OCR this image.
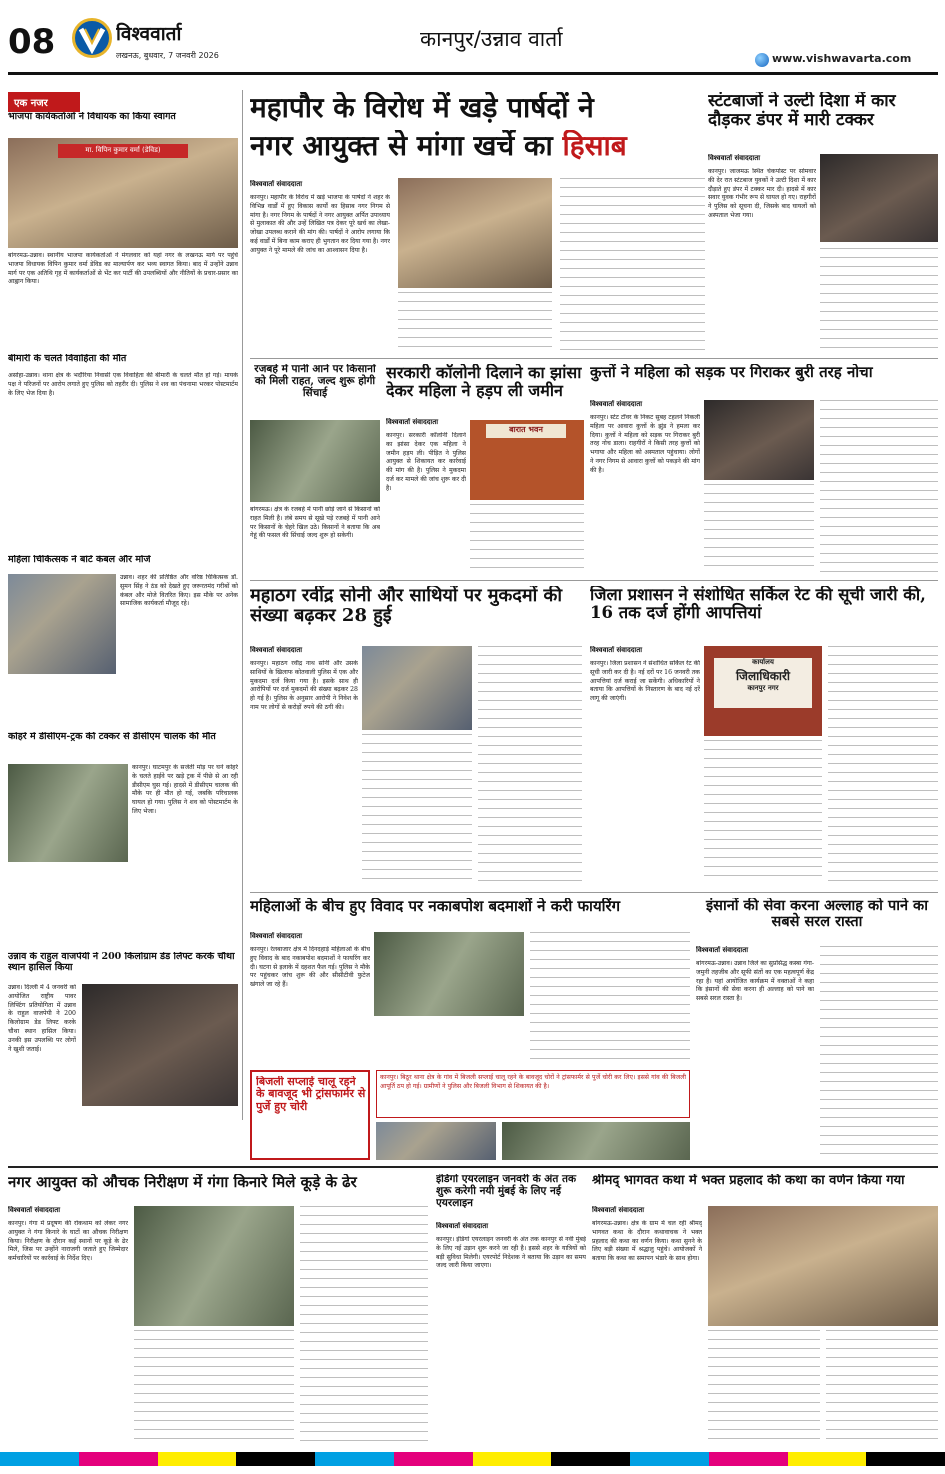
08	विश्ववार्ता
लखनऊ, बुधवार, 7 जनवरी 2026
कानपुर/उन्नाव वार्ता
www.vishwavarta.com
एक नजर
भाजपा कार्यकर्ताओं ने विधायक का किया स्वागत
मा. विपिन कुमार वर्मा (डेविड)
बांगरमऊ-उन्नाव। स्थानीय भाजपा कार्यकर्ताओं ने मंगलवार को यहां नगर के लखनऊ मार्ग पर पहुंचे भाजपा विधायक विपिन कुमार वर्मा डेविड का माल्यार्पण कर भव्य स्वागत किया। बाद में उन्होंने उन्नाव मार्ग पर एक अतिथि गृह में कार्यकर्ताओं से भेंट कर पार्टी की उपलब्धियों और नीतियों के प्रचार-प्रसार का आह्वान किया।
बीमारी के चलते विवाहिता की मौत
असोहा-उन्नाव। थाना क्षेत्र के भदौरिया निवासी एक विवाहिता की बीमारी के चलते मौत हो गई। मायके पक्ष ने परिजनों पर आरोप लगाते हुए पुलिस को तहरीर दी। पुलिस ने शव का पंचनामा भरकर पोस्टमार्टम के लिए भेज दिया है।
महिला चिकित्सक ने बांटे कंबल और मोजे
उन्नाव। शहर की प्रतिष्ठित और वरिष्ठ चिकित्सक डॉ. सुमन सिंह ने ठंड को देखते हुए जरूरतमंद गरीबों को कंबल और मोजे वितरित किए। इस मौके पर अनेक सामाजिक कार्यकर्ता मौजूद रहे।
कोहरे में डीसीएम-ट्रक की टक्कर से डीसीएम चालक की मौत
कानपुर। घाटमपुर के सजेती मोड़ पर घने कोहरे के चलते हाईवे पर खड़े ट्रक में पीछे से आ रही डीसीएम घुस गई। हादसे में डीसीएम चालक की मौके पर ही मौत हो गई, जबकि परिचालक घायल हो गया। पुलिस ने शव को पोस्टमार्टम के लिए भेजा।
उन्नाव के राहुल वाजपेयी ने 200 किलोग्राम डेड लिफ्ट करके चौथा स्थान हासिल किया
उन्नाव। दिल्ली में 4 जनवरी को आयोजित राष्ट्रीय पावर लिफ्टिंग प्रतियोगिता में उन्नाव के राहुल वाजपेयी ने 200 किलोग्राम डेड लिफ्ट करके चौथा स्थान हासिल किया। उनकी इस उपलब्धि पर लोगों ने खुशी जताई।
महापौर के विरोध में खड़े पार्षदों ने
नगर आयुक्त से मांगा खर्चे का हिसाब
विश्ववार्ता संवाददाता
कानपुर। महापौर के विरोध में खड़े भाजपा के पार्षदों ने शहर के विभिन्न वार्डों में हुए विकास कार्यों का हिसाब नगर निगम से मांगा है। नगर निगम के पार्षदों ने नगर आयुक्त अर्पित उपाध्याय से मुलाकात की और उन्हें लिखित पत्र देकर पूरे खर्च का लेखा-जोखा उपलब्ध कराने की मांग की। पार्षदों ने आरोप लगाया कि कई वार्डों में बिना काम कराए ही भुगतान कर दिया गया है। नगर आयुक्त ने पूरे मामले की जांच का आश्वासन दिया है।
स्टंटबाजों ने उल्टी दिशा में कार दौड़कर डंपर में मारी टक्कर
विश्ववार्ता संवाददाता
कानपुर। जाजमऊ स्थित चेकपोस्ट पर सोमवार की देर रात स्टंटबाज युवकों ने उल्टी दिशा में कार दौड़ाते हुए डंपर में टक्कर मार दी। हादसे में कार सवार युवक गंभीर रूप से घायल हो गए। राहगीरों ने पुलिस को सूचना दी, जिसके बाद घायलों को अस्पताल भेजा गया।
रजबहे में पानी आने पर किसानों को मिली राहत, जल्द शुरू होगी सिंचाई
बांगरमऊ। क्षेत्र के रजबहे में पानी छोड़े जाने से किसानों को राहत मिली है। लंबे समय से सूखे पड़े रजबहे में पानी आने पर किसानों के चेहरे खिल उठे। किसानों ने बताया कि अब गेहूं की फसल की सिंचाई जल्द शुरू हो सकेगी।
सरकारी कॉलोनी दिलाने का झांसा देकर महिला ने हड़प ली जमीन
विश्ववार्ता संवाददाता
कानपुर। सरकारी कॉलोनी दिलाने का झांसा देकर एक महिला ने जमीन हड़प ली। पीड़ित ने पुलिस आयुक्त से शिकायत कर कार्रवाई की मांग की है। पुलिस ने मुकदमा दर्ज कर मामले की जांच शुरू कर दी है।
बारात भवन
कुत्तों ने महिला को सड़क पर गिराकर बुरी तरह नोचा
विश्ववार्ता संवाददाता
कानपुर। स्टेट टॉवर के निकट सुबह टहलने निकली महिला पर आवारा कुत्तों के झुंड ने हमला कर दिया। कुत्तों ने महिला को सड़क पर गिराकर बुरी तरह नोच डाला। राहगीरों ने किसी तरह कुत्तों को भगाया और महिला को अस्पताल पहुंचाया। लोगों ने नगर निगम से आवारा कुत्तों को पकड़ने की मांग की है।
महाठग रवींद्र सोनी और साथियों पर मुकदमों की संख्या बढ़कर 28 हुई
विश्ववार्ता संवाददाता
कानपुर। महाठग रवींद्र नाथ सोनी और उसके साथियों के खिलाफ कोतवाली पुलिस में एक और मुकदमा दर्ज किया गया है। इसके साथ ही आरोपियों पर दर्ज मुकदमों की संख्या बढ़कर 28 हो गई है। पुलिस के अनुसार आरोपी ने निवेश के नाम पर लोगों से करोड़ों रुपये की ठगी की।
जिला प्रशासन ने संशोधित सर्किल रेट की सूची जारी की, 16 तक दर्ज होंगी आपत्तियां
विश्ववार्ता संवाददाता
कानपुर। जिला प्रशासन ने संशोधित सर्किल रेट की सूची जारी कर दी है। नई दरों पर 16 जनवरी तक आपत्तियां दर्ज कराई जा सकेंगी। अधिकारियों ने बताया कि आपत्तियों के निस्तारण के बाद नई दरें लागू की जाएंगी।
कार्यालय
जिलाधिकारी
कानपुर नगर
महिलाओं के बीच हुए विवाद पर नकाबपोश बदमाशों ने करी फायरिंग
विश्ववार्ता संवाददाता
कानपुर। रेलबाजार क्षेत्र में दिनदहाड़े महिलाओं के बीच हुए विवाद के बाद नकाबपोश बदमाशों ने फायरिंग कर दी। घटना से इलाके में दहशत फैल गई। पुलिस ने मौके पर पहुंचकर जांच शुरू की और सीसीटीवी फुटेज खंगाले जा रहे हैं।
बिजली सप्लाई चालू रहने के बावजूद भी ट्रांसफार्मर से पुर्जे हुए चोरी
कानपुर। बिठूर थाना क्षेत्र के गांव में बिजली सप्लाई चालू रहने के बावजूद चोरों ने ट्रांसफार्मर से पुर्जे चोरी कर लिए। इससे गांव की बिजली आपूर्ति ठप हो गई। ग्रामीणों ने पुलिस और बिजली विभाग से शिकायत की है।
इंसानों की सेवा करना अल्लाह को पाने का सबसे सरल रास्ता
विश्ववार्ता संवाददाता
बांगरमऊ-उन्नाव। उन्नाव जिले का सुप्रसिद्ध कस्बा गंगा-जमुनी तहजीब और सूफी संतों का एक महत्वपूर्ण केंद्र रहा है। यहां आयोजित कार्यक्रम में वक्ताओं ने कहा कि इंसानों की सेवा करना ही अल्लाह को पाने का सबसे सरल रास्ता है।
नगर आयुक्त को औचक निरीक्षण में गंगा किनारे मिले कूड़े के ढेर
विश्ववार्ता संवाददाता
कानपुर। गंगा में प्रदूषण की रोकथाम को लेकर नगर आयुक्त ने गंगा किनारे के घाटों का औचक निरीक्षण किया। निरीक्षण के दौरान कई स्थानों पर कूड़े के ढेर मिले, जिस पर उन्होंने नाराजगी जताते हुए जिम्मेदार कर्मचारियों पर कार्रवाई के निर्देश दिए।
इंडिगो एयरलाइन जनवरी के अंत तक शुरू करेगी नयी मुंबई के लिए नई एयरलाइन
विश्ववार्ता संवाददाता
कानपुर। इंडिगो एयरलाइन जनवरी के अंत तक कानपुर से नवी मुंबई के लिए नई उड़ान शुरू करने जा रही है। इससे शहर के यात्रियों को बड़ी सुविधा मिलेगी। एयरपोर्ट निदेशक ने बताया कि उड़ान का समय जल्द जारी किया जाएगा।
श्रीमद् भागवत कथा में भक्त प्रहलाद की कथा का वर्णन किया गया
विश्ववार्ता संवाददाता
बांगरमऊ-उन्नाव। क्षेत्र के ग्राम में चल रही श्रीमद् भागवत कथा के दौरान कथावाचक ने भक्त प्रहलाद की कथा का वर्णन किया। कथा सुनने के लिए बड़ी संख्या में श्रद्धालु पहुंचे। आयोजकों ने बताया कि कथा का समापन भंडारे के साथ होगा।
